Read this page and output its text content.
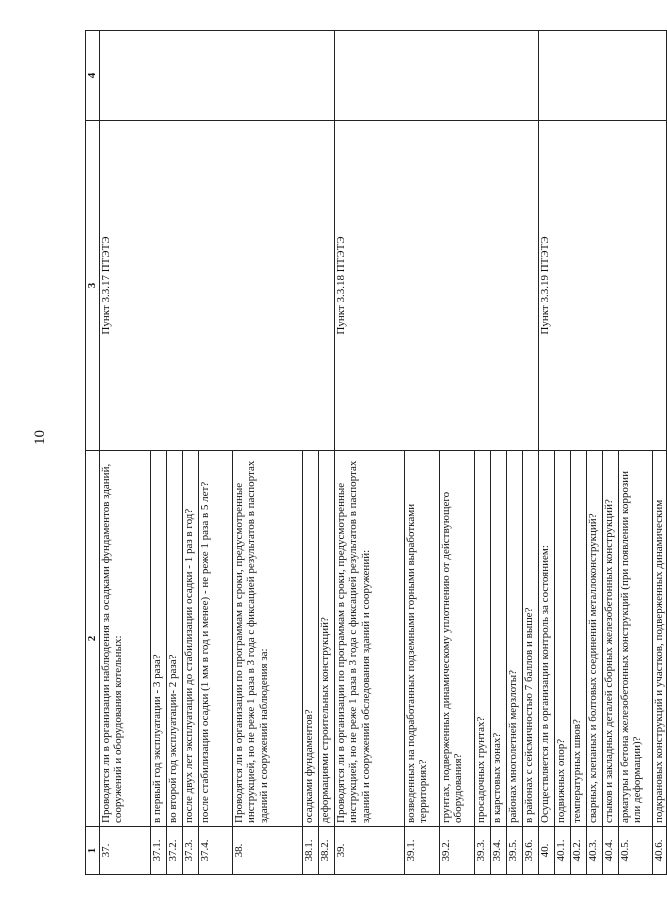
10
1	2	3	4
37.	Проводятся ли в организации наблюдения за осадками фундаментов зданий, сооружений и оборудования котельных:	Пункт 3.3.17 ПТЭТЭ	
37.1.	в первый год эксплуатации - 3 раза?		
37.2.	во второй год эксплуатации- 2 раза?		
37.3.	после двух лет эксплуатации до стабилизации осадки - 1 раз в год?		
37.4.	после стабилизации осадки (1 мм в год и менее) - не реже 1 раза в 5 лет?		
38.	Проводятся ли в организации по программам в сроки, предусмотренные инструкцией, но не реже 1 раза в 3 года с фиксацией результатов в паспортах зданий и сооружений наблюдения за:		
38.1.	осадками фундаментов?		
38.2.	деформациями строительных конструкций?		
39.	Проводятся ли в организации по программам в сроки, предусмотренные инструкцией, но не реже 1 раза в 3 года с фиксацией результатов в паспортах зданий и сооружений обследования зданий и сооружений:	Пункт 3.3.18 ПТЭТЭ	
39.1.	возведенных на подработанных подземными горными выработками территориях?		
39.2.	грунтах, подверженных динамическому уплотнению от действующего оборудования?		
39.3.	просадочных грунтах?		
39.4.	в карстовых зонах?		
39.5.	районах многолетней мерзлоты?		
39.6.	в районах с сейсмичностью 7 баллов и выше?		
40.	Осуществляется ли в организации контроль за состоянием:	Пункт 3.3.19 ПТЭТЭ	
40.1.	подвижных опор?		
40.2.	температурных швов?		
40.3.	сварных, клепаных и болтовых соединений металлоконструкций?		
40.4.	стыков и закладных деталей сборных железобетонных конструкций?		
40.5.	арматуры и бетона железобетонных конструкций (при появлении коррозии или деформации)?		
40.6.	подкрановых конструкций и участков, подверженных динамическим		
